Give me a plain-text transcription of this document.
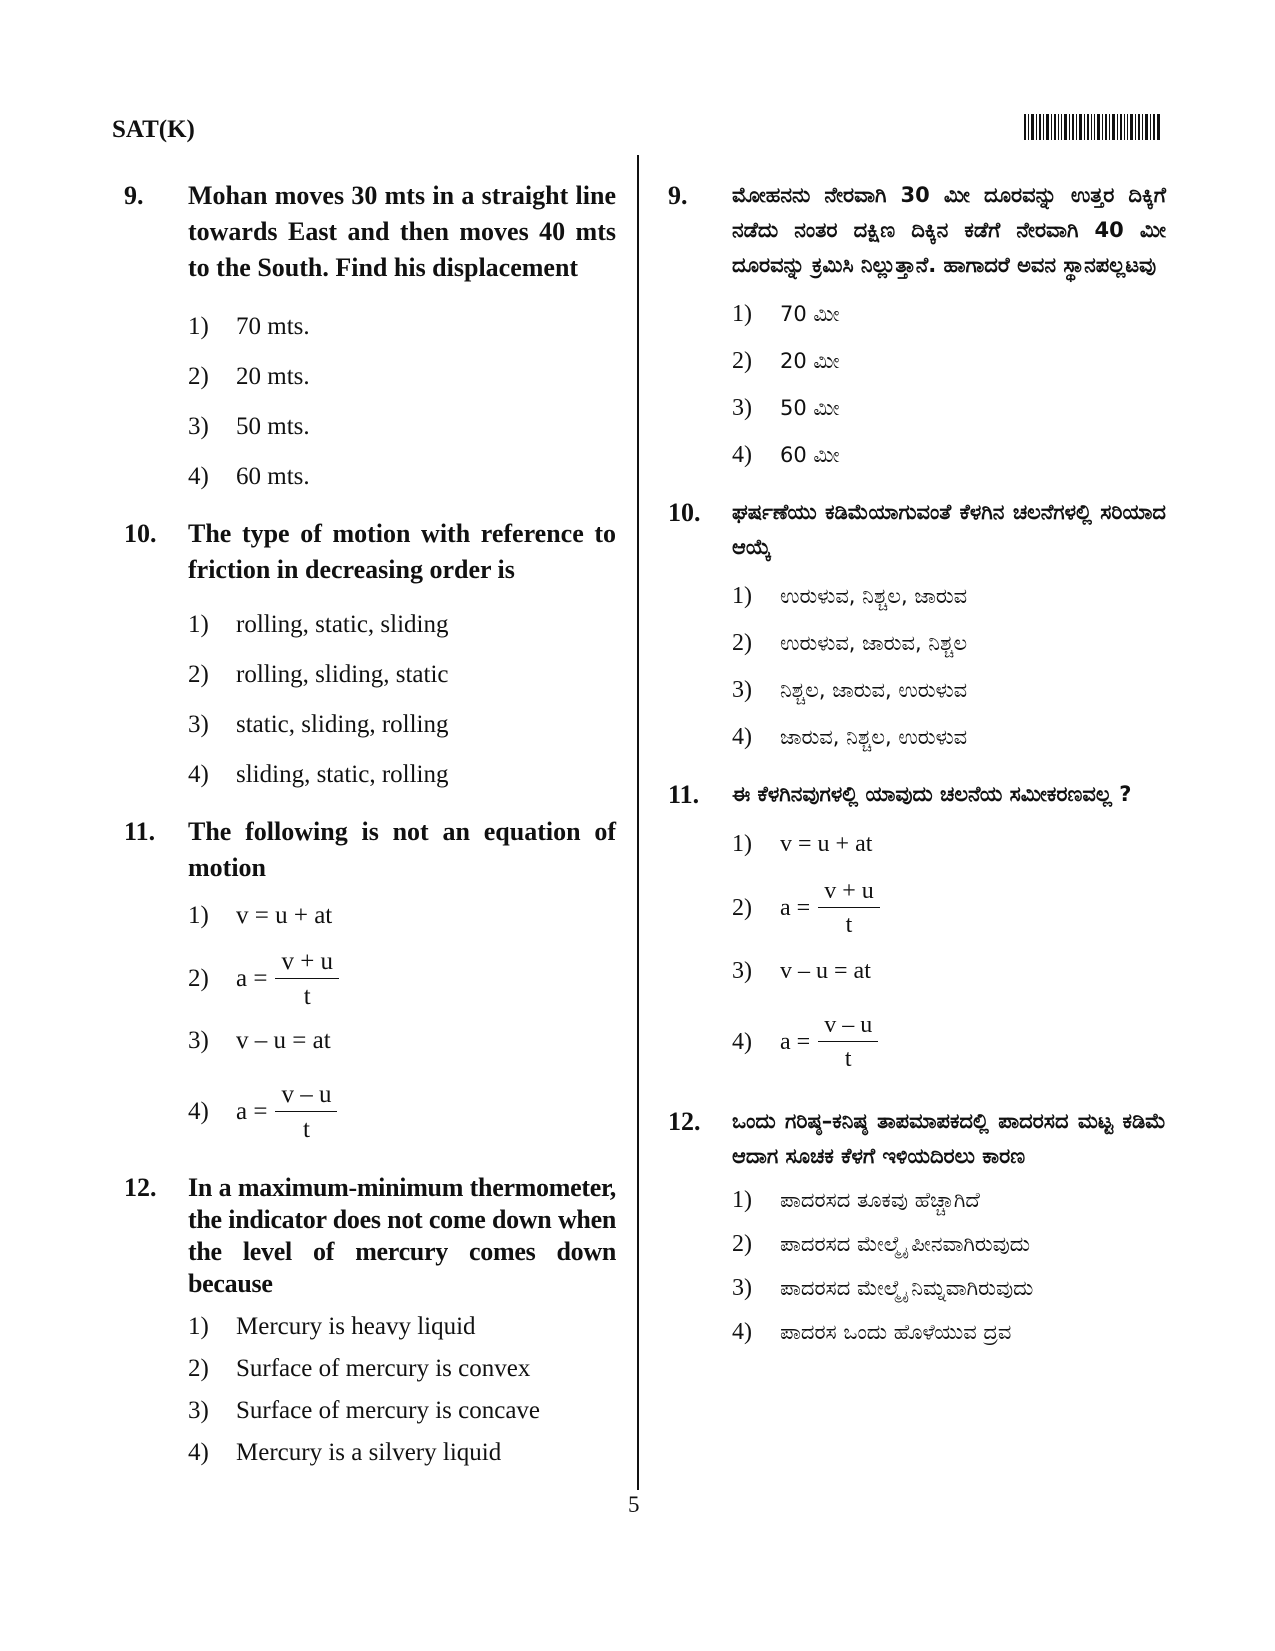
SAT(K)
9.	Mohan moves 30 mts in a straight line towards East and then moves 40 mts to the South. Find his displacement
1)	70 mts.
2)	20 mts.
3)	50 mts.
4)	60 mts.
10.	The type of motion with reference to friction in decreasing order is
1)	rolling, static, sliding
2)	rolling, sliding, static
3)	static, sliding, rolling
4)	sliding, static, rolling
11.	The following is not an equation of motion
1)	v = u + at
2)	$a = \frac{v + u}{t}$
3)	v – u = at
4)	$a = \frac{v - u}{t}$
12.	In a maximum-minimum thermometer, the indicator does not come down when the level of mercury comes down because
1)	Mercury is heavy liquid
2)	Surface of mercury is convex
3)	Surface of mercury is concave
4)	Mercury is a silvery liquid
9.	ಮೋಹನನು ನೇರವಾಗಿ 30 ಮೀ ದೂರವನ್ನು ಉತ್ತರ ದಿಕ್ಕಿಗೆ ನಡೆದು ನಂತರ ದಕ್ಷಿಣ ದಿಕ್ಕಿನ ಕಡೆಗೆ ನೇರವಾಗಿ 40 ಮೀ ದೂರವನ್ನು ಕ್ರಮಿಸಿ ನಿಲ್ಲುತ್ತಾನೆ. ಹಾಗಾದರೆ ಅವನ ಸ್ಥಾನಪಲ್ಲಟವು
1)	70 ಮೀ
2)	20 ಮೀ
3)	50 ಮೀ
4)	60 ಮೀ
10.	ಘರ್ಷಣೆಯು ಕಡಿಮೆಯಾಗುವಂತೆ ಕೆಳಗಿನ ಚಲನೆಗಳಲ್ಲಿ ಸರಿಯಾದ ಆಯ್ಕೆ
1)	ಉರುಳುವ, ನಿಶ್ಚಲ, ಜಾರುವ
2)	ಉರುಳುವ, ಜಾರುವ, ನಿಶ್ಚಲ
3)	ನಿಶ್ಚಲ, ಜಾರುವ, ಉರುಳುವ
4)	ಜಾರುವ, ನಿಶ್ಚಲ, ಉರುಳುವ
11.	ಈ ಕೆಳಗಿನವುಗಳಲ್ಲಿ ಯಾವುದು ಚಲನೆಯ ಸಮೀಕರಣವಲ್ಲ ?
1)	v = u + at
2)	$a = \frac{v + u}{t}$
3)	v – u = at
4)	$a = \frac{v - u}{t}$
12.	ಒಂದು ಗರಿಷ್ಠ–ಕನಿಷ್ಠ ತಾಪಮಾಪಕದಲ್ಲಿ ಪಾದರಸದ ಮಟ್ಟ ಕಡಿಮೆ ಆದಾಗ ಸೂಚಕ ಕೆಳಗೆ ಇಳಿಯದಿರಲು ಕಾರಣ
1)	ಪಾದರಸದ ತೂಕವು ಹೆಚ್ಚಾಗಿದೆ
2)	ಪಾದರಸದ ಮೇಲ್ಮೈ ಪೀನವಾಗಿರುವುದು
3)	ಪಾದರಸದ ಮೇಲ್ಮೈ ನಿಮ್ನವಾಗಿರುವುದು
4)	ಪಾದರಸ ಒಂದು ಹೊಳೆಯುವ ದ್ರವ
5
